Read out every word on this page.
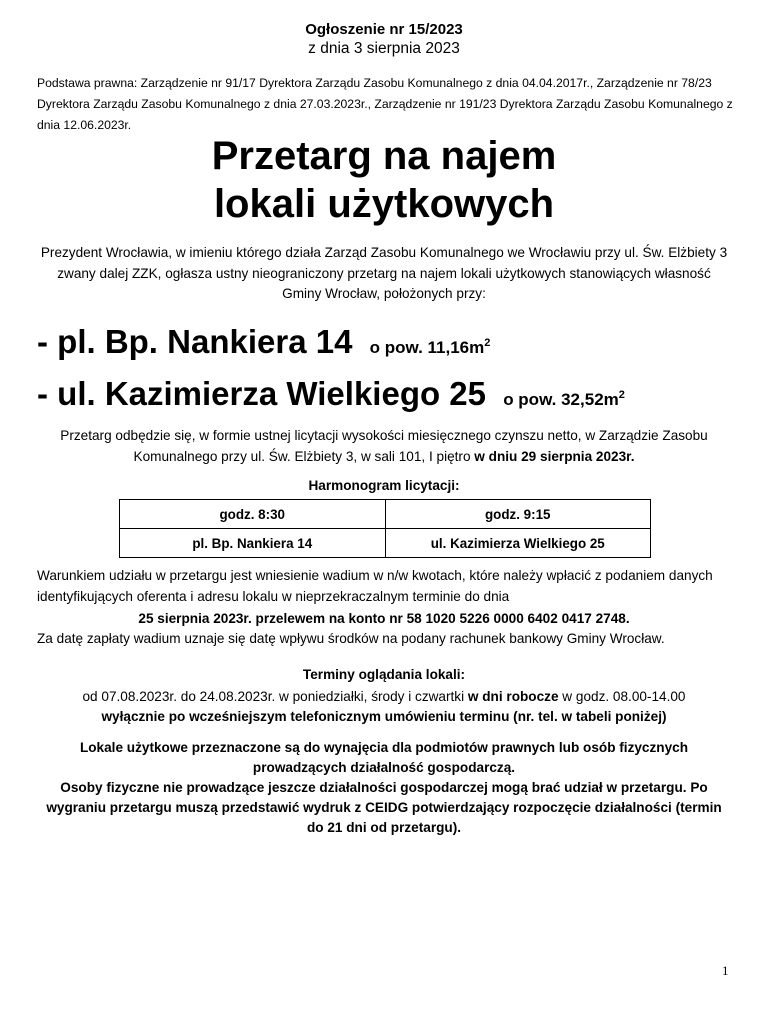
Ogłoszenie nr 15/2023
z dnia 3 sierpnia 2023
Podstawa prawna: Zarządzenie nr 91/17 Dyrektora Zarządu Zasobu Komunalnego z dnia 04.04.2017r., Zarządzenie nr 78/23 Dyrektora Zarządu Zasobu Komunalnego z dnia 27.03.2023r., Zarządzenie nr 191/23 Dyrektora Zarządu Zasobu Komunalnego z dnia 12.06.2023r.
Przetarg na najem
lokali użytkowych
Prezydent Wrocławia, w imieniu którego działa Zarząd Zasobu Komunalnego we Wrocławiu przy ul. Św. Elżbiety 3 zwany dalej ZZK, ogłasza ustny nieograniczony przetarg na najem lokali użytkowych stanowiących własność Gminy Wrocław, położonych przy:
- pl. Bp. Nankiera 14 o pow. $11,16m^2$
- ul. Kazimierza Wielkiego 25 o pow. $32,52m^2$
Przetarg odbędzie się, w formie ustnej licytacji wysokości miesięcznego czynszu netto, w Zarządzie Zasobu Komunalnego przy ul. Św. Elżbiety 3, w sali 101, I piętro w dniu 29 sierpnia 2023r.
Harmonogram licytacji:
godz. 8:30	godz. 9:15
pl. Bp. Nankiera 14	ul. Kazimierza Wielkiego 25
Warunkiem udziału w przetargu jest wniesienie wadium w n/w kwotach, które należy wpłacić z podaniem danych identyfikujących oferenta i adresu lokalu w nieprzekraczalnym terminie do dnia
25 sierpnia 2023r. przelewem na konto nr 58 1020 5226 0000 6402 0417 2748.
Za datę zapłaty wadium uznaje się datę wpływu środków na podany rachunek bankowy Gminy Wrocław.
Terminy oglądania lokali:
od 07.08.2023r. do 24.08.2023r. w poniedziałki, środy i czwartki w dni robocze w godz. 08.00-14.00
wyłącznie po wcześniejszym telefonicznym umówieniu terminu (nr. tel. w tabeli poniżej)
Lokale użytkowe przeznaczone są do wynajęcia dla podmiotów prawnych lub osób fizycznych prowadzących działalność gospodarczą.
Osoby fizyczne nie prowadzące jeszcze działalności gospodarczej mogą brać udział w przetargu. Po wygraniu przetargu muszą przedstawić wydruk z CEIDG potwierdzający rozpoczęcie działalności (termin do 21 dni od przetargu).
1
